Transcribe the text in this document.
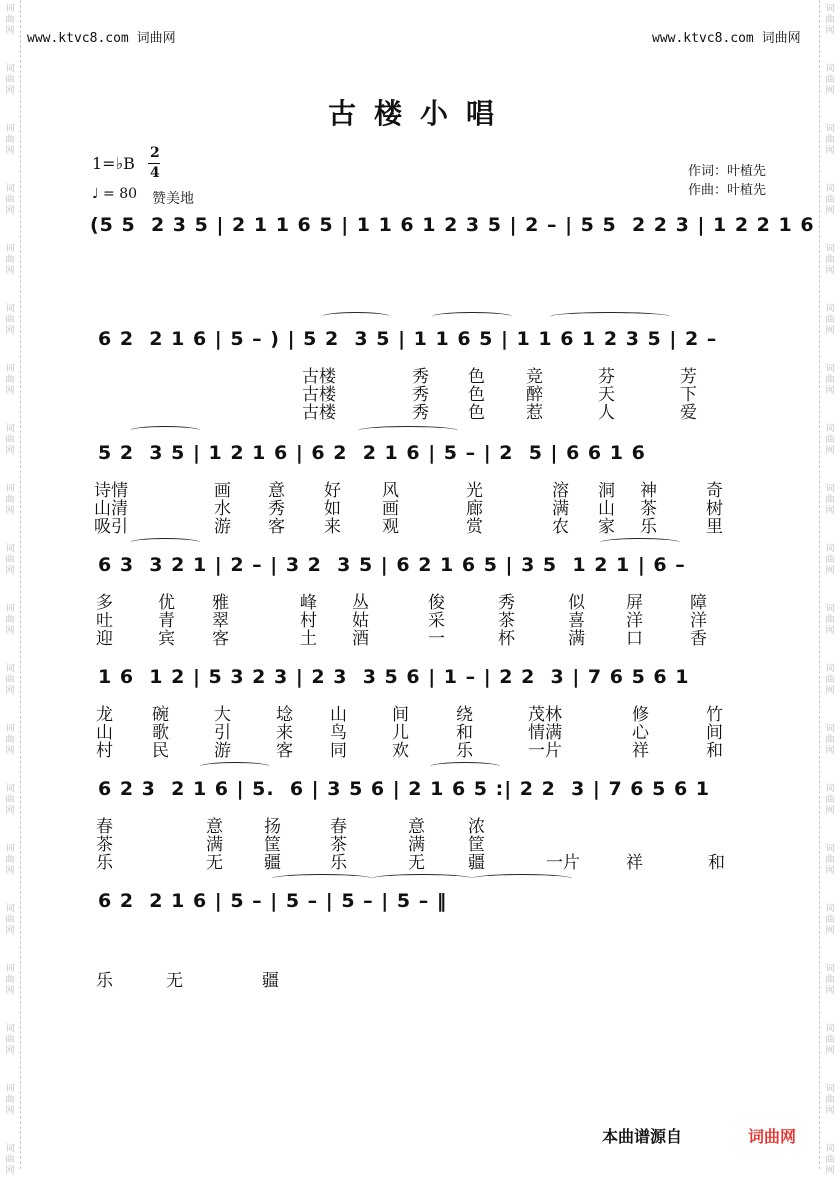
词
曲
网
词
曲
网
词
曲
网
词
曲
网
词
曲
网
词
曲
网
词
曲
网
词
曲
网
词
曲
网
词
曲
网
词
曲
网
词
曲
网
词
曲
网
词
曲
网
词
曲
网
词
曲
网
词
曲
网
词
曲
网
词
曲
网
词
曲
网
词
曲
网
词
曲
网
词
曲
网
词
曲
网
词
曲
网
词
曲
网
词
曲
网
词
曲
网
词
曲
网
词
曲
网
词
曲
网
词
曲
网
词
曲
网
词
曲
网
词
曲
网
词
曲
网
词
曲
网
词
曲
网
词
曲
网
词
曲
网
www.ktvc8.com 词曲网	www.ktvc8.com 词曲网
古楼小唱
1=♭B
2
4
♩ = 80 赞美地
作词：叶植先
作曲：叶植先
(5 5  2 3 5 | 2 1 1 6 5 | 1 1 6 1 2 3 5 | 2 – | 5 5  2 2 3 | 1 2 2 1 6
6 2  2 1 6 | 5 – ) | 5 2  3 5 | 1 1 6 5 | 1 1 6 1 2 3 5 | 2 –
5 2  3 5 | 1 2 1 6 | 6 2  2 1 6 | 5 – | 2  5 | 6 6 1 6
6 3  3 2 1 | 2 – | 3 2  3 5 | 6 2 1 6 5 | 3 5  1 2 1 | 6 –
1 6  1 2 | 5 3 2 3 | 2 3  3 5 6 | 1 – | 2 2  3 | 7 6 5 6 1
6 2 3  2 1 6 | 5.  6 | 3 5 6 | 2 1 6 5 :| 2 2  3 | 7 6 5 6 1
6 2  2 1 6 | 5 – | 5 – | 5 – | 5 – ‖
古楼	秀 色 竞	芬	芳
古楼	秀 色 醉	天	下
古楼	秀 色 惹	人	爱
诗情	画 意 好 风	光	溶 洞 神	奇
山清	水 秀 如 画	廊	满 山 茶	树
吸引	游 客 来 观	赏	农 家 乐	里
多	优 雅	峰 丛	俊	秀	似 屏	障
吐	青 翠	村 姑	采	茶	喜 洋	洋
迎	宾 客	土 酒	一	杯	满 口	香
龙 碗	大	埝 山	间	绕	茂林	修	竹
山 歌	引	来 鸟	儿	和	情满	心	间
村 民	游	客 同	欢	乐	一片	祥	和
春	意 扬	春	意	浓
茶	满 筐	茶	满	筐
乐	无 疆	乐	无	疆	一片	祥	和
乐	无	疆
本曲谱源自	词曲网
